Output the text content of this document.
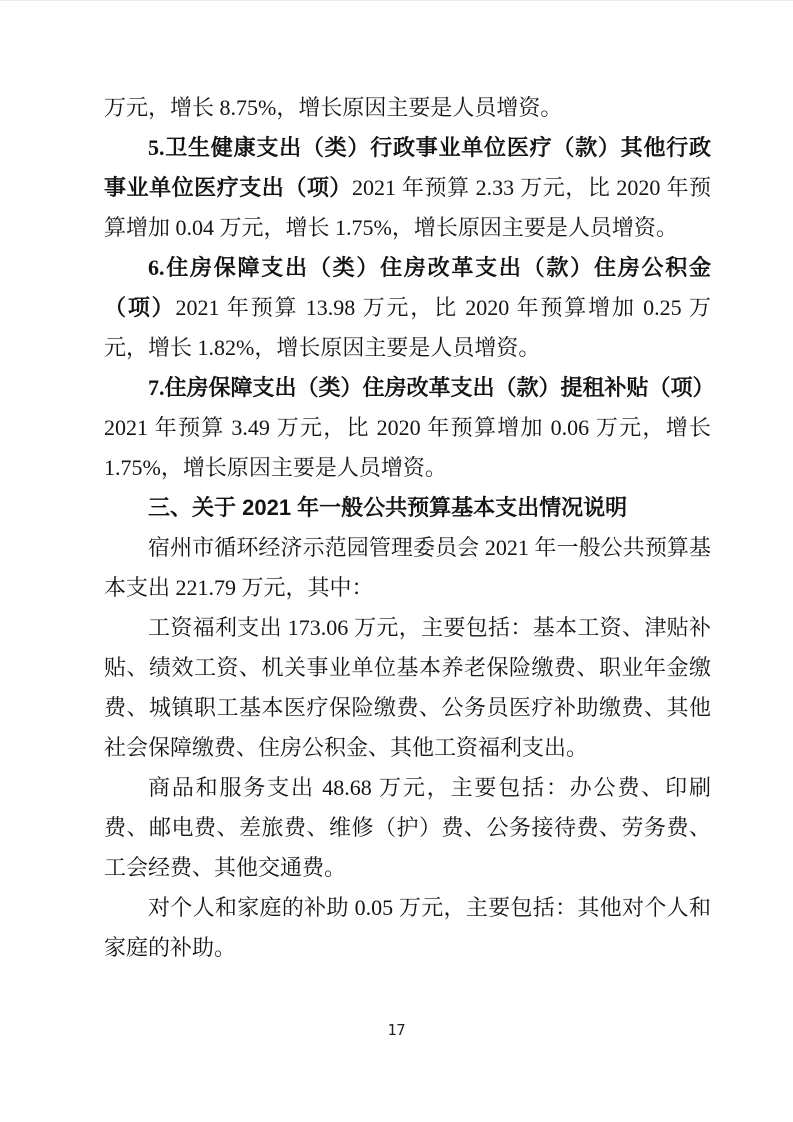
万元，增长 8.75%，增长原因主要是人员增资。

5.卫生健康支出（类）行政事业单位医疗（款）其他行政事业单位医疗支出（项）2021 年预算 2.33 万元，比 2020 年预算增加 0.04 万元，增长 1.75%，增长原因主要是人员增资。

6.住房保障支出（类）住房改革支出（款）住房公积金（项）2021 年预算 13.98 万元，比 2020 年预算增加 0.25 万元，增长 1.82%，增长原因主要是人员增资。

7.住房保障支出（类）住房改革支出（款）提租补贴（项）2021 年预算 3.49 万元，比 2020 年预算增加 0.06 万元，增长 1.75%，增长原因主要是人员增资。

三、关于 2021 年一般公共预算基本支出情况说明

宿州市循环经济示范园管理委员会 2021 年一般公共预算基本支出 221.79 万元，其中：

工资福利支出 173.06 万元，主要包括：基本工资、津贴补贴、绩效工资、机关事业单位基本养老保险缴费、职业年金缴费、城镇职工基本医疗保险缴费、公务员医疗补助缴费、其他社会保障缴费、住房公积金、其他工资福利支出。

商品和服务支出 48.68 万元，主要包括：办公费、印刷费、邮电费、差旅费、维修（护）费、公务接待费、劳务费、工会经费、其他交通费。

对个人和家庭的补助 0.05 万元，主要包括：其他对个人和家庭的补助。

17
